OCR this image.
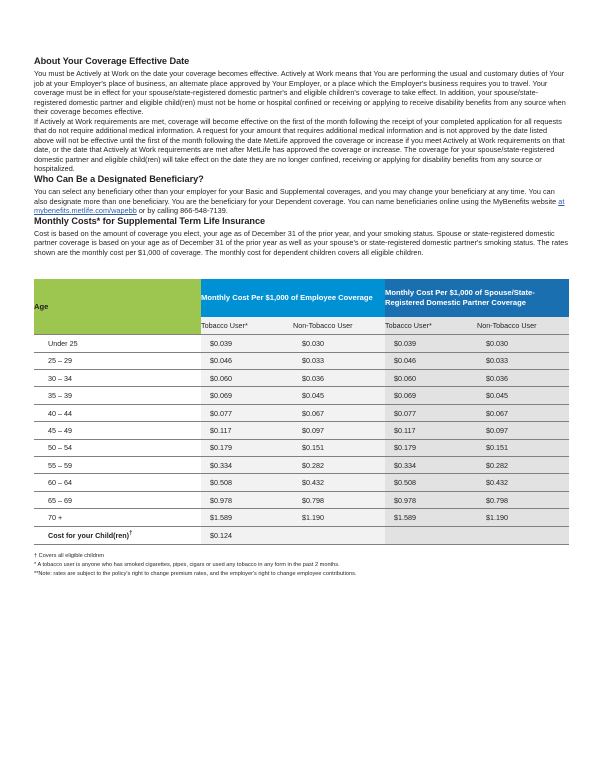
About Your Coverage Effective Date

You must be Actively at Work on the date your coverage becomes effective. Actively at Work means that You are performing the usual and customary duties of Your job at your Employer's place of business, an alternate place approved by Your Employer, or a place which the Employer's business requires you to travel. Your coverage must be in effect for your spouse/state-registered domestic partner's and eligible children's coverage to take effect. In addition, your spouse/state-registered domestic partner and eligible child(ren) must not be home or hospital confined or receiving or applying to receive disability benefits from any source when their coverage becomes effective.

If Actively at Work requirements are met, coverage will become effective on the first of the month following the receipt of your completed application for all requests that do not require additional medical information. A request for your amount that requires additional medical information and is not approved by the date listed above will not be effective until the first of the month following the date MetLife approved the coverage or increase if you meet Actively at Work requirements on that date, or the date that Actively at Work requirements are met after MetLife has approved the coverage or increase. The coverage for your spouse/state-registered domestic partner and eligible child(ren) will take effect on the date they are no longer confined, receiving or applying for disability benefits from any source or hospitalized.

Who Can Be a Designated Beneficiary?

You can select any beneficiary other than your employer for your Basic and Supplemental coverages, and you may change your beneficiary at any time. You can also designate more than one beneficiary. You are the beneficiary for your Dependent coverage. You can name beneficiaries online using the MyBenefits website at mybenefits.metlife.com/wapebb or by calling 866-548-7139.

Monthly Costs* for Supplemental Term Life Insurance

Cost is based on the amount of coverage you elect, your age as of December 31 of the prior year, and your smoking status. Spouse or state-registered domestic partner coverage is based on your age as of December 31 of the prior year as well as your spouse's or state-registered domestic partner's smoking status. The rates shown are the monthly cost per $1,000 of coverage. The monthly cost for dependent children covers all eligible children.

Age	Monthly Cost Per $1,000 of Employee Coverage		Monthly Cost Per $1,000 of Spouse/State-Registered Domestic Partner Coverage	
	Tobacco User*	Non-Tobacco User	Tobacco User*	Non-Tobacco User
Under 25	$0.039	$0.030	$0.039	$0.030
25 – 29	$0.046	$0.033	$0.046	$0.033
30 – 34	$0.060	$0.036	$0.060	$0.036
35 – 39	$0.069	$0.045	$0.069	$0.045
40 – 44	$0.077	$0.067	$0.077	$0.067
45 – 49	$0.117	$0.097	$0.117	$0.097
50 – 54	$0.179	$0.151	$0.179	$0.151
55 – 59	$0.334	$0.282	$0.334	$0.282
60 – 64	$0.508	$0.432	$0.508	$0.432
65 – 69	$0.978	$0.798	$0.978	$0.798
70 +	$1.589	$1.190	$1.589	$1.190
Cost for your Child(ren)†	$0.124			

† Covers all eligible children

* A tobacco user is anyone who has smoked cigarettes, pipes, cigars or used any tobacco in any form in the past 2 months.

**Note: rates are subject to the policy's right to change premium rates, and the employer's right to change employee contributions.
